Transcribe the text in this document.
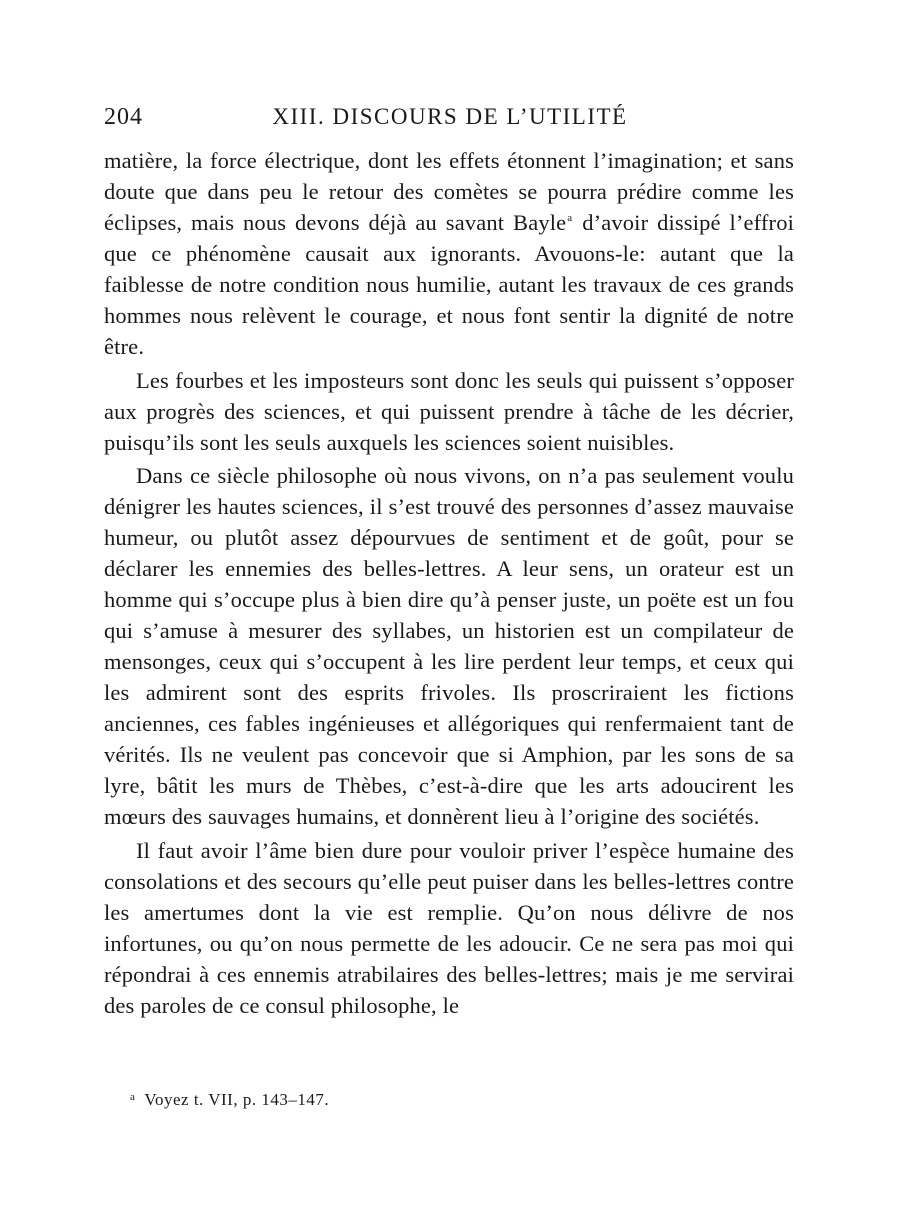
204	XIII. DISCOURS DE L’UTILITÉ

matière, la force électrique, dont les effets étonnent l’imagination; et sans doute que dans peu le retour des comètes se pourra prédire comme les éclipses, mais nous devons déjà au savant Bayle$^a$ d’avoir dissipé l’effroi que ce phénomène causait aux ignorants. Avouons-le: autant que la faiblesse de notre condition nous humilie, autant les travaux de ces grands hommes nous relèvent le courage, et nous font sentir la dignité de notre être.

Les fourbes et les imposteurs sont donc les seuls qui puissent s’opposer aux progrès des sciences, et qui puissent prendre à tâche de les décrier, puisqu’ils sont les seuls auxquels les sciences soient nuisibles.

Dans ce siècle philosophe où nous vivons, on n’a pas seulement voulu dénigrer les hautes sciences, il s’est trouvé des personnes d’assez mauvaise humeur, ou plutôt assez dépourvues de sentiment et de goût, pour se déclarer les ennemies des belles-lettres. A leur sens, un orateur est un homme qui s’occupe plus à bien dire qu’à penser juste, un poëte est un fou qui s’amuse à mesurer des syllabes, un historien est un compilateur de mensonges, ceux qui s’occupent à les lire perdent leur temps, et ceux qui les admirent sont des esprits frivoles. Ils proscriraient les fictions anciennes, ces fables ingénieuses et allégoriques qui renfermaient tant de vérités. Ils ne veulent pas concevoir que si Amphion, par les sons de sa lyre, bâtit les murs de Thèbes, c’est-à-dire que les arts adoucirent les mœurs des sauvages humains, et donnèrent lieu à l’origine des sociétés.

Il faut avoir l’âme bien dure pour vouloir priver l’espèce humaine des consolations et des secours qu’elle peut puiser dans les belles-lettres contre les amertumes dont la vie est remplie. Qu’on nous délivre de nos infortunes, ou qu’on nous permette de les adoucir. Ce ne sera pas moi qui répondrai à ces ennemis atrabilaires des belles-lettres; mais je me servirai des paroles de ce consul philosophe, le

$^a$ Voyez t. VII, p. 143–147.
